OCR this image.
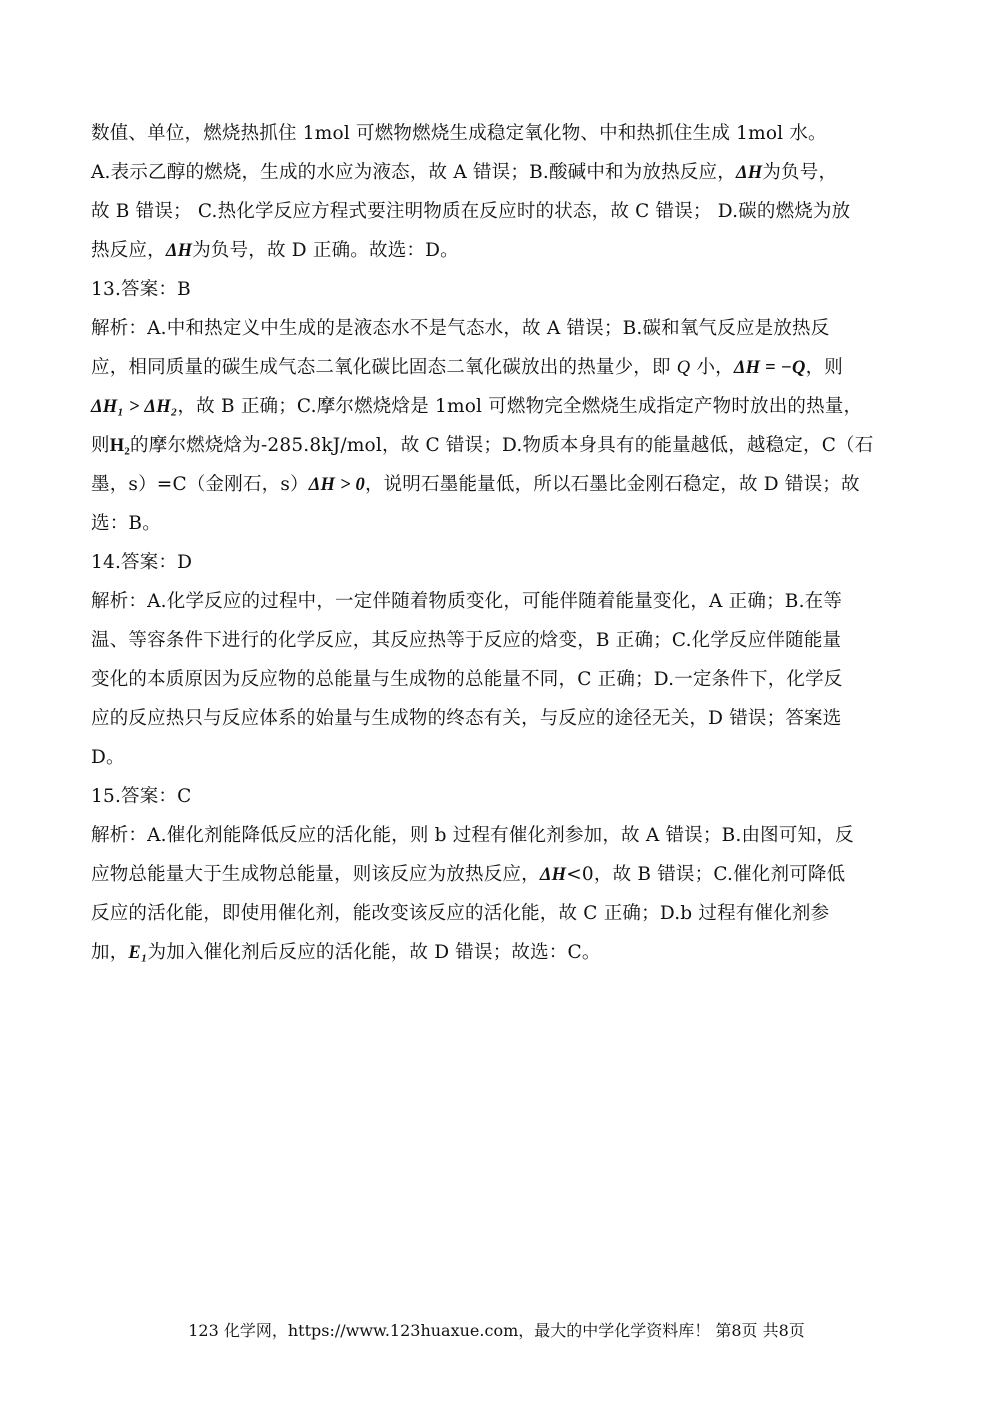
数值、单位，燃烧热抓住 1mol 可燃物燃烧生成稳定氧化物、中和热抓住生成 1mol 水。
A.表示乙醇的燃烧，生成的水应为液态，故 A 错误；B.酸碱中和为放热反应，ΔH为负号，
故 B 错误； C.热化学反应方程式要注明物质在反应时的状态，故 C 错误； D.碳的燃烧为放
热反应，ΔH为负号，故 D 正确。故选：D。
13.答案：B
解析：A.中和热定义中生成的是液态水不是气态水，故 A 错误；B.碳和氧气反应是放热反
应，相同质量的碳生成气态二氧化碳比固态二氧化碳放出的热量少，即 Q 小，ΔH = −Q，则
ΔH₁ > ΔH₂，故 B 正确；C.摩尔燃烧焓是 1mol 可燃物完全燃烧生成指定产物时放出的热量，
则H₂的摩尔燃烧焓为-285.8kJ/mol，故 C 错误；D.物质本身具有的能量越低，越稳定，C（石
墨，s）=C（金刚石，s）ΔH > 0，说明石墨能量低，所以石墨比金刚石稳定，故 D 错误；故
选：B。
14.答案：D
解析：A.化学反应的过程中，一定伴随着物质变化，可能伴随着能量变化，A 正确；B.在等
温、等容条件下进行的化学反应，其反应热等于反应的焓变，B 正确；C.化学反应伴随能量
变化的本质原因为反应物的总能量与生成物的总能量不同，C 正确；D.一定条件下，化学反
应的反应热只与反应体系的始量与生成物的终态有关，与反应的途径无关，D 错误；答案选
D。
15.答案：C
解析：A.催化剂能降低反应的活化能，则 b 过程有催化剂参加，故 A 错误；B.由图可知，反
应物总能量大于生成物总能量，则该反应为放热反应，ΔH<0，故 B 错误；C.催化剂可降低
反应的活化能，即使用催化剂，能改变该反应的活化能，故 C 正确；D.b 过程有催化剂参
加，E₁为加入催化剂后反应的活化能，故 D 错误；故选：C。
123 化学网，https://www.123huaxue.com，最大的中学化学资料库！ 第8页 共8页
